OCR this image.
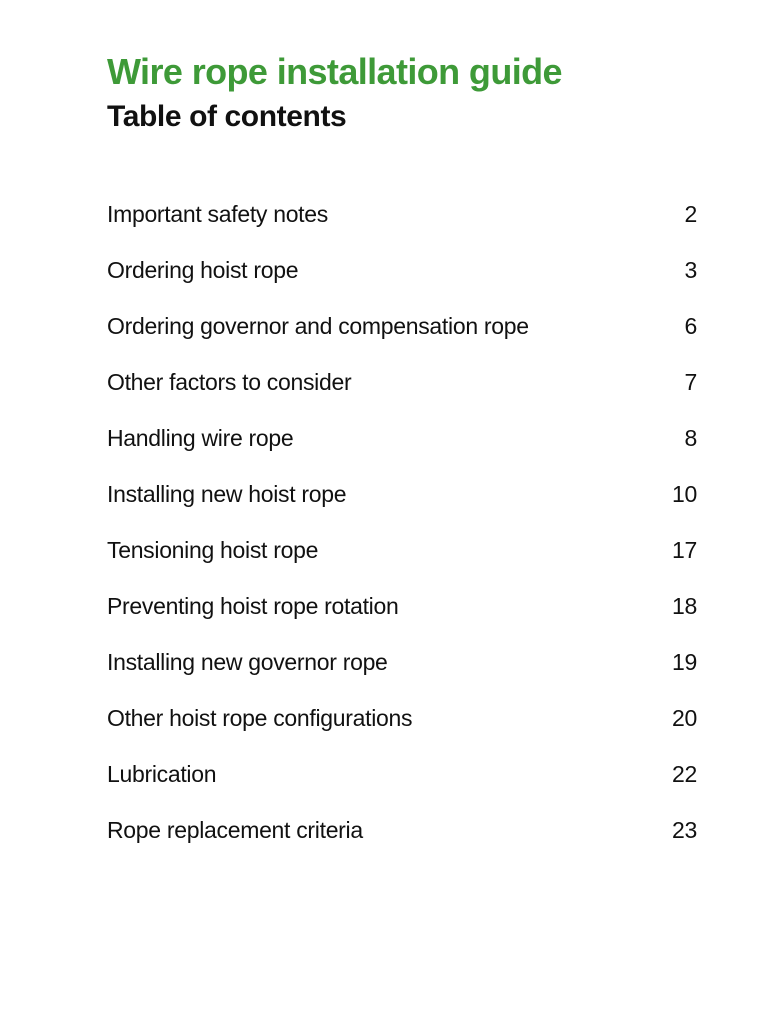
Wire rope installation guide
Table of contents
Important safety notes	2
Ordering hoist rope	3
Ordering governor and compensation rope	6
Other factors to consider	7
Handling wire rope	8
Installing new hoist rope	10
Tensioning hoist rope	17
Preventing hoist rope rotation	18
Installing new governor rope	19
Other hoist rope configurations	20
Lubrication	22
Rope replacement criteria	23
